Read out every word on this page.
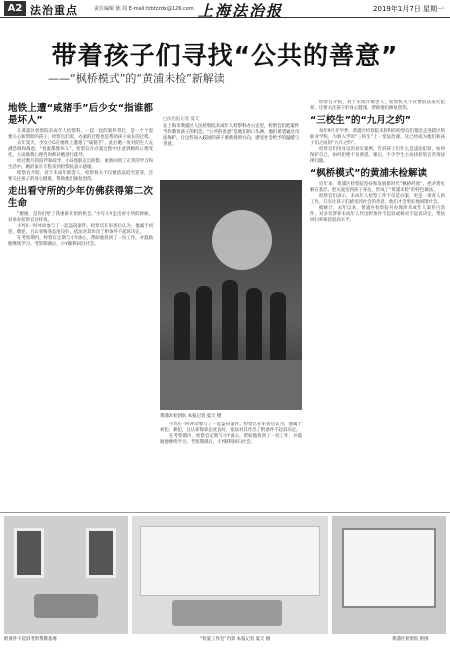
A2 法治重点	责任编辑 陈 周 E-mail:fzbfzzdx@126.com 上海法治报	2019年1月7日 星期一
带着孩子们寻找“公共的善意”
——“枫桥模式”的“黄浦未检”新解读
□法治报记者 夏天
在上海市黄浦区人民检察院未成年人检察科办公室里，检察官们把案件当作教育孩子的机会。“公共的善意”是他们的口头禅，他们希望通过司法保护，让这些误入歧途的孩子重新找到方向，感受社会给予的温暖与善意。
地铁上遭“咸猪手”后少女“指谁都是坏人”

在黄浦区检察院未成年人检察科，一起一起的案件背后，是一个个需要关心和帮助的孩子。检察官们说，办案的过程也是帮助孩子成长的过程。

去年夏天，少女小G在地铁上遭遇了“咸猪手”，此后她一度对陌生人充满恐惧和敌意，“看谁都像坏人”。检察官在办案过程中注意到她的心理变化，主动联系心理咨询师对她进行疏导。

经过数月的陪伴和疏导，小G逐渐走出阴影，重新回到了正常的学习和生活中。她的家长专程来到检察院表示感谢。

检察官介绍，对于未成年被害人，检察机关不仅要依法追究犯罪，还要关注孩子的身心健康，帮助他们修复创伤。

走出看守所的少年仿佛获得第二次生命

“谢谢，是你们给了我重新开始的机会。”少年小Y走出看守所的时候，对承办检察官这样说。

小Y因一时冲动参与了一起盗窃案件。检察官在审查后认为，他属于初犯、偶犯，且认罪悔罪态度良好，依法对其作出了附条件不起诉决定。

在考察期内，检察官定期与小Y谈心，帮助他找到了一份工作，并鼓励他继续学习。考察期满后，小Y顺利回归社会。

黄浦未检团队 本报记者 夏天 摄

小Y因一时冲动参与了一起盗窃案件。检察官在审查后认为，他属于初犯、偶犯，且认罪悔罪态度良好，依法对其作出了附条件不起诉决定。

在考察期内，检察官定期与小Y谈心，帮助他找到了一份工作，并鼓励他继续学习。考察期满后，小Y顺利回归社会。

检察官介绍，对于未成年被害人，检察机关不仅要依法追究犯罪，还要关注孩子的身心健康，帮助他们修复创伤。

“三校生”的“九月之约”

每年9月开学季，黄浦区检察院未检科的检察官们都会走进辖区的职业学校，为新入学的“三校生”上一堂法治课。这已经成为他们和孩子们之间的“九月之约”。

检察官们用身边的真实案例，告诉孩子们什么是违法犯罪，如何保护自己，如何拒绝不良诱惑。课后，不少学生主动找检察官咨询法律问题。

“枫桥模式”的黄浦未检解读

近年来，黄浦区检察院坚持和发展新时代“枫桥经验”，把矛盾化解在基层，把关爱送到孩子身边，形成了“黄浦未检”的特色做法。

检察官们表示，未成年人检察工作不仅是办案，更是一项育人的工作。只有让孩子们感受到社会的善意，他们才会更好地回馈社会。

据统计，去年以来，黄浦区检察院共办理涉未成年人案件百余件，对多名涉罪未成年人作出附条件不起诉或相对不起诉决定，帮扶回归率保持较高水平。

附条件不起诉考察帮教基地	“检爱工作室”内景 本报记者 夏天 摄	黄浦区检察院 供图
